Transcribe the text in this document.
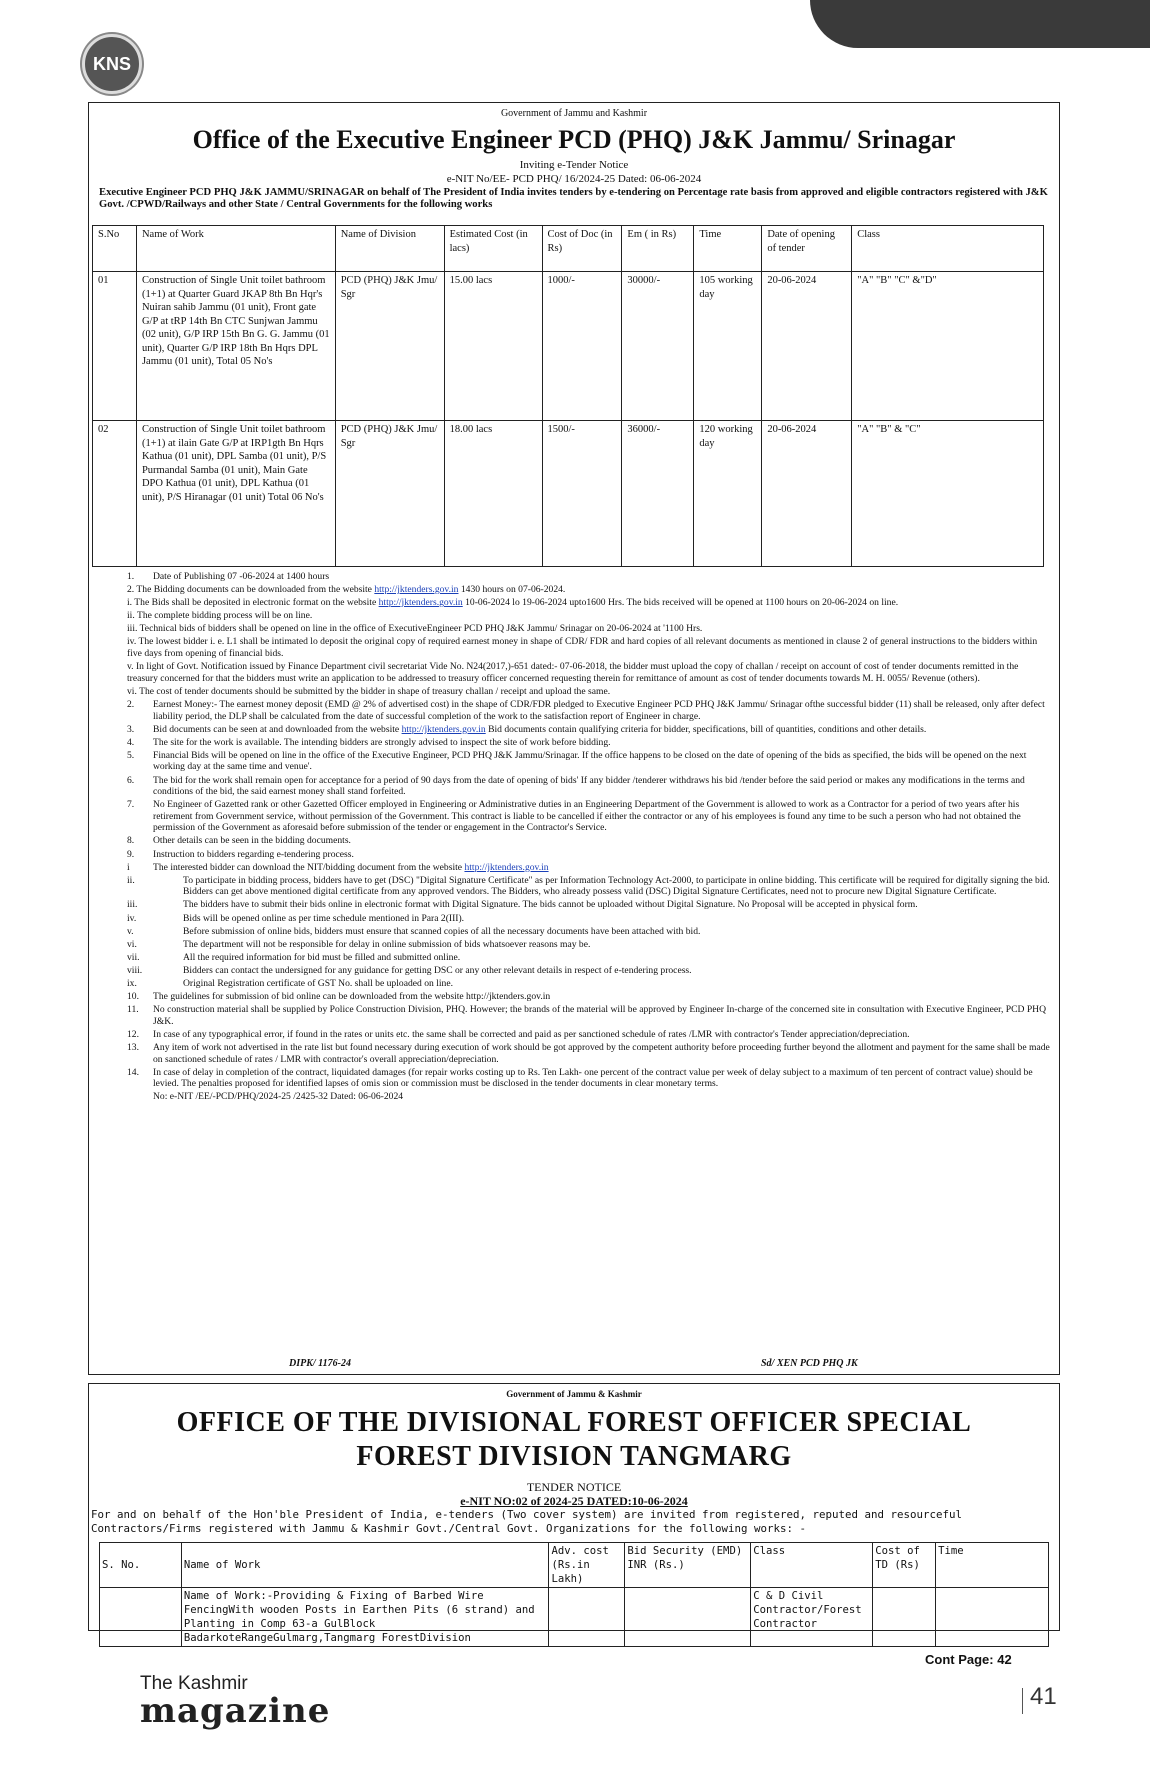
KNS
Government of Jammu and Kashmir
Office of the Executive Engineer PCD (PHQ) J&K Jammu/ Srinagar
Inviting e-Tender Notice
e-NIT No/EE- PCD PHQ/ 16/2024-25 Dated: 06-06-2024
Executive Engineer PCD PHQ J&K JAMMU/SRINAGAR on behalf of The President of India invites tenders by e-tendering on Percentage rate basis from approved and eligible contractors registered with J&K Govt. /CPWD/Railways and other State / Central Governments for the following works
S.No	Name of Work	Name of Division	Estimated Cost (in lacs)	Cost of Doc (in Rs)	Em ( in Rs)	Time	Date of opening of tender	Class
01	Construction of Single Unit toilet bathroom (1+1) at Quarter Guard JKAP 8th Bn Hqr's Nuiran sahib Jammu (01 unit), Front gate G/P at tRP 14th Bn CTC Sunjwan Jammu (02 unit), G/P IRP 15th Bn G. G. Jammu (01 unit), Quarter G/P IRP 18th Bn Hqrs DPL Jammu (01 unit), Total 05 No's	PCD (PHQ) J&K Jmu/ Sgr	15.00 lacs	1000/-	30000/-	105 working day	20-06-2024	"A" "B" "C" &"D"
02	Construction of Single Unit toilet bathroom (1+1) at ilain Gate G/P at IRP1gth Bn Hqrs Kathua (01 unit), DPL Samba (01 unit), P/S Purmandal Samba (01 unit), Main Gate DPO Kathua (01 unit), DPL Kathua (01 unit), P/S Hiranagar (01 unit) Total 06 No's	PCD (PHQ) J&K Jmu/ Sgr	18.00 lacs	1500/-	36000/-	120 working day	20-06-2024	"A" "B" & "C"
1.	Date of Publishing 07 -06-2024 at 1400 hours
2. The Bidding documents can be downloaded from the website http://jktenders.gov.in 1430 hours on 07-06-2024.
i. The Bids shall be deposited in electronic format on the website http://jktenders.gov.in 10-06-2024 lo 19-06-2024 upto1600 Hrs. The bids received will be opened at 1100 hours on 20-06-2024 on line.
ii. The complete bidding process will be on line.
iii. Technical bids of bidders shall be opened on line in the office of ExecutiveEngineer PCD PHQ J&K Jammu/ Srinagar on 20-06-2024 at '1100 Hrs.
iv. The lowest bidder i. e. L1 shall be intimated lo deposit the original copy of required earnest money in shape of CDR/ FDR and hard copies of all relevant documents as mentioned in clause 2 of general instructions to the bidders within five days from opening of financial bids.
v. In light of Govt. Notification issued by Finance Department civil secretariat Vide No. N24(2017,)-651 dated:- 07-06-2018, the bidder must upload the copy of challan / receipt on account of cost of tender documents remitted in the treasury concerned for that the bidders must write an application to be addressed to treasury officer concerned requesting therein for remittance of amount as cost of tender documents towards M. H. 0055/ Revenue (others).
vi. The cost of tender documents should be submitted by the bidder in shape of treasury challan / receipt and upload the same.
2.	Earnest Money:- The earnest money deposit (EMD @ 2% of advertised cost) in the shape of CDR/FDR pledged to Executive Engineer PCD PHQ J&K Jammu/ Srinagar ofthe successful bidder (11) shall be released, only after defect liability period, the DLP shall be calculated from the date of successful completion of the work to the satisfaction report of Engineer in charge.
3.	Bid documents can be seen at and downloaded from the website http://jktenders.gov.in Bid documents contain qualifying criteria for bidder, specifications, bill of quantities, conditions and other details.
4.	The site for the work is available. The intending bidders are strongly advised to inspect the site of work before bidding.
5.	Financial Bids will be opened on line in the office of the Executive Engineer, PCD PHQ J&K Jammu/Srinagar. If the office happens to be closed on the date of opening of the bids as specified, the bids will be opened on the next working day at the same time and venue'.
6.	The bid for the work shall remain open for acceptance for a period of 90 days from the date of opening of bids' If any bidder /tenderer withdraws his bid /tender before the said period or makes any modifications in the terms and conditions of the bid, the said earnest money shall stand forfeited.
7.	No Engineer of Gazetted rank or other Gazetted Officer employed in Engineering or Administrative duties in an Engineering Department of the Government is allowed to work as a Contractor for a period of two years after his retirement from Government service, without permission of the Government. This contract is liable to be cancelled if either the contractor or any of his employees is found any time to be such a person who had not obtained the permission of the Government as aforesaid before submission of the tender or engagement in the Contractor's Service.
8.	Other details can be seen in the bidding documents.
9.	Instruction to bidders regarding e-tendering process.
i	The interested bidder can download the NIT/bidding document from the website http://jktenders.gov.in
ii.	To participate in bidding process, bidders have to get (DSC) "Digital Signature Certificate" as per Information Technology Act-2000, to participate in online bidding. This certificate will be required for digitally signing the bid. Bidders can get above mentioned digital certificate from any approved vendors. The Bidders, who already possess valid (DSC) Digital Signature Certificates, need not to procure new Digital Signature Certificate.
iii.	The bidders have to submit their bids online in electronic format with Digital Signature. The bids cannot be uploaded without Digital Signature. No Proposal will be accepted in physical form.
iv.	Bids will be opened online as per time schedule mentioned in Para 2(III).
v.	Before submission of online bids, bidders must ensure that scanned copies of all the necessary documents have been attached with bid.
vi.	The department will not be responsible for delay in online submission of bids whatsoever reasons may be.
vii.	All the required information for bid must be filled and submitted online.
viii.	Bidders can contact the undersigned for any guidance for getting DSC or any other relevant details in respect of e-tendering process.
ix.	Original Registration certificate of GST No. shall be uploaded on line.
10.	The guidelines for submission of bid online can be downloaded from the website http://jktenders.gov.in
11.	No construction material shall be supplied by Police Construction Division, PHQ. However; the brands of the material will be approved by Engineer In-charge of the concerned site in consultation with Executive Engineer, PCD PHQ J&K.
12.	In case of any typographical error, if found in the rates or units etc. the same shall be corrected and paid as per sanctioned schedule of rates /LMR with contractor's Tender appreciation/depreciation.
13.	Any item of work not advertised in the rate list but found necessary during execution of work should be got approved by the competent authority before proceeding further beyond the allotment and payment for the same shall be made on sanctioned schedule of rates / LMR with contractor's overall appreciation/depreciation.
14.	In case of delay in completion of the contract, liquidated damages (for repair works costing up to Rs. Ten Lakh- one percent of the contract value per week of delay subject to a maximum of ten percent of contract value) should be levied. The penalties proposed for identified lapses of omis sion or commission must be disclosed in the tender documents in clear monetary terms.
No: e-NIT /EE/-PCD/PHQ/2024-25 /2425-32 Dated: 06-06-2024
DIPK/ 1176-24	Sd/ XEN PCD PHQ JK
Government of Jammu & Kashmir
OFFICE OF THE DIVISIONAL FOREST OFFICER SPECIAL
FOREST DIVISION TANGMARG
TENDER NOTICE
e-NIT NO:02 of 2024-25 DATED:10-06-2024
For and on behalf of the Hon'ble President of India, e-tenders (Two cover system) are invited from registered, reputed and resourceful Contractors/Firms registered with Jammu & Kashmir Govt./Central Govt. Organizations for the following works: -
S. No.	Name of Work	Adv. cost (Rs.in Lakh)	Bid Security (EMD) INR (Rs.)	Class	Cost of TD (Rs)	Time
	Name of Work:-Providing & Fixing of Barbed Wire FencingWith wooden Posts in Earthen Pits (6 strand) and Planting in Comp 63-a GulBlock BadarkoteRangeGulmarg,Tangmarg ForestDivision			C & D Civil Contractor/Forest Contractor		
Cont Page: 42
The Kashmir
magazine	41
